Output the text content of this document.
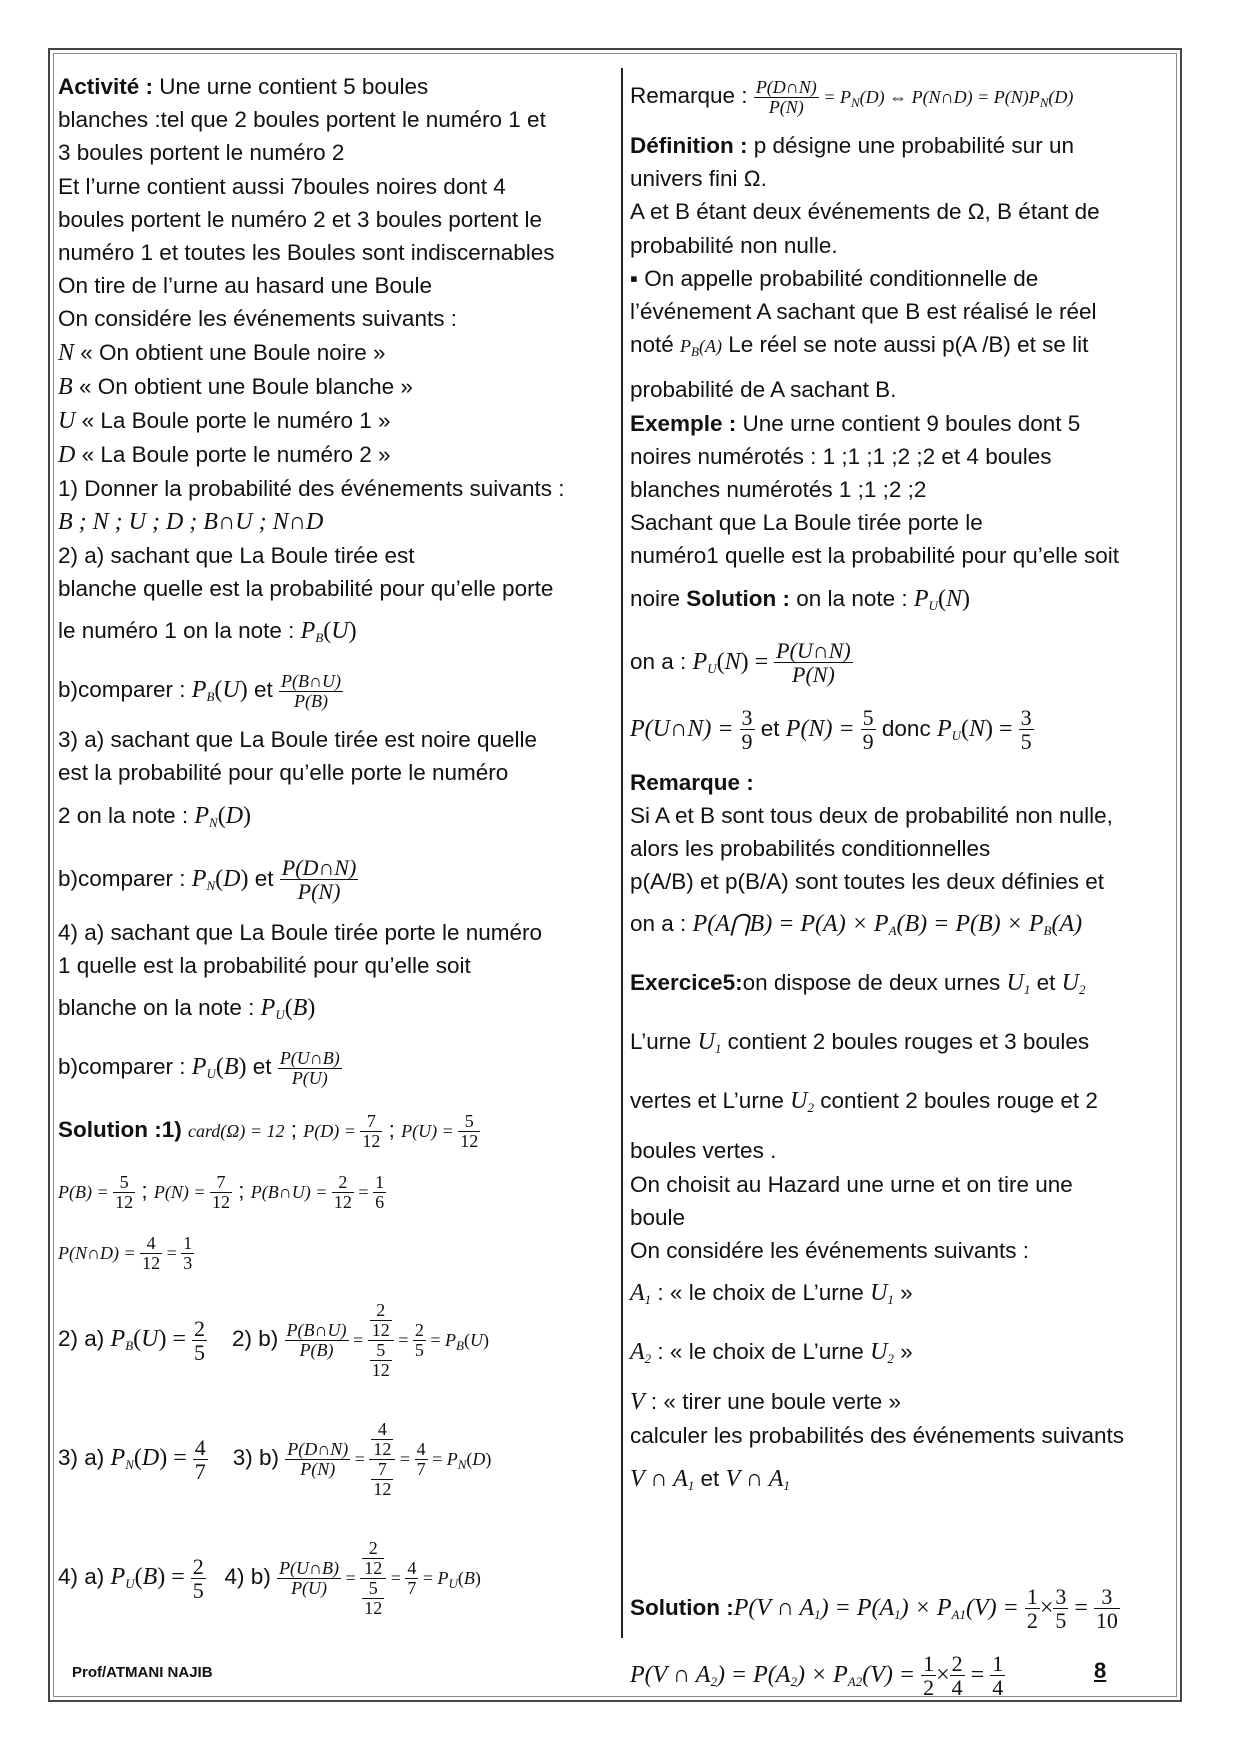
Activité : Une urne contient 5 boules
blanches :tel que 2 boules portent le numéro 1 et
3 boules portent le numéro 2
Et l’urne contient aussi 7boules noires dont 4
boules portent le numéro 2 et 3 boules portent le
numéro 1 et toutes les Boules sont indiscernables
On tire de l’urne au hasard une Boule
On considére les événements suivants :
N « On obtient une Boule noire »
B « On obtient une Boule blanche »
U « La Boule porte le numéro 1 »
D « La Boule porte le numéro 2 »
1) Donner la probabilité des événements suivants :
B ; N ; U ; D ; B∩U ; N∩D
2) a) sachant que La Boule tirée est
blanche quelle est la probabilité pour qu’elle porte
le numéro 1 on la note : $P_B(U)$
b)comparer : $P_B(U)$ et $\frac{P(B\cap U)}{P(B)}$
3) a) sachant que La Boule tirée est noire quelle
est la probabilité pour qu’elle porte le numéro
2 on la note : $P_N(D)$
b)comparer : $P_N(D)$ et $\frac{P(D\cap N)}{P(N)}$
4) a) sachant que La Boule tirée porte le numéro
1 quelle est la probabilité pour qu’elle soit
blanche on la note : $P_U(B)$
b)comparer : $P_U(B)$ et $\frac{P(U\cap B)}{P(U)}$
Solution :1) card(Ω) = 12 ; $P(D) = \frac{7}{12}$ ; $P(U) = \frac{5}{12}$
$P(B) = \frac{5}{12}$ ; $P(N) = \frac{7}{12}$ ; P(B∩U) = $\frac{2}{12} = \frac{1}{6}$
P(N∩D) = $\frac{4}{12} = \frac{1}{3}$
2) a) $P_B(U) = \frac{2}{5} 2$) $b) \frac{P(B\cap U)}{P(B)} = \frac{\frac{2}{12}}{\frac{5}{12}} = \frac{2}{5} = P_B(U)$
3) a) $P_N(D) = \frac{4}{7} 3$) $b) \frac{P(D\cap N)}{P(N)} = \frac{\frac{4}{12}}{\frac{7}{12}} = \frac{4}{7} = P_N(D)$
4) a) $P_U(B) = \frac{2}{5} 4$) $b) \frac{P(U\cap B)}{P(U)} = \frac{\frac{2}{12}}{\frac{5}{12}} = \frac{4}{7} = P_U(B)$
Remarque : $\frac{P(D\cap N)}{P(N)} = P_N(D)$ ⇔ P(N∩D) = $P(N)P_N(D)$
Définition : p désigne une probabilité sur un
univers fini Ω.
A et B étant deux événements de Ω, B étant de
probabilité non nulle.
▪ On appelle probabilité conditionnelle de
l’événement A sachant que B est réalisé le réel
noté $P_B(A)$ Le réel se note aussi p(A /B) et se lit
probabilité de A sachant B.
Exemple : Une urne contient 9 boules dont 5
noires numérotés : 1 ;1 ;1 ;2 ;2 et 4 boules
blanches numérotés 1 ;1 ;2 ;2
Sachant que La Boule tirée porte le
numéro1 quelle est la probabilité pour qu’elle soit
noire Solution : on la note : $P_U(N)$
on a : $P_U(N) = \frac{P(U\cap N)}{P(N)}$
P(U∩N) = $\frac{3}{9}$ et $P(N) = \frac{5}{9}$ donc $P_U(N) = \frac{3}{5}$
Remarque :
Si A et B sont tous deux de probabilité non nulle,
alors les probabilités conditionnelles
p(A/B) et p(B/A) sont toutes les deux définies et
on a : P(A⋂B) = $P(A) \times P_A(B) = P(B) \times P_B(A)$
Exercice5:on dispose de deux urnes $U_1$ et $U_2$
L’urne $U_1$ contient 2 boules rouges et 3 boules
vertes et L’urne $U_2$ contient 2 boules rouge et 2
boules vertes .
On choisit au Hazard une urne et on tire une
boule
On considére les événements suivants :
$A_1$ : « le choix de L’urne $U_1$ »
$A_2$ : « le choix de L’urne $U_2$ »
V : « tirer une boule verte »
calculer les probabilités des événements suivants
V ∩ $A_1$ et V ∩ $A_1$
Solution :P(V ∩ $A_1) = P(A_1) \times P_{A1}(V) = \frac{1}{2} \times \frac{3}{5} = \frac{3}{10}$
P(V ∩ $A_2) = P(A_2) \times P_{A2}(V) = \frac{1}{2} \times \frac{2}{4} = \frac{1}{4}$
Prof/ATMANI NAJIB	8
